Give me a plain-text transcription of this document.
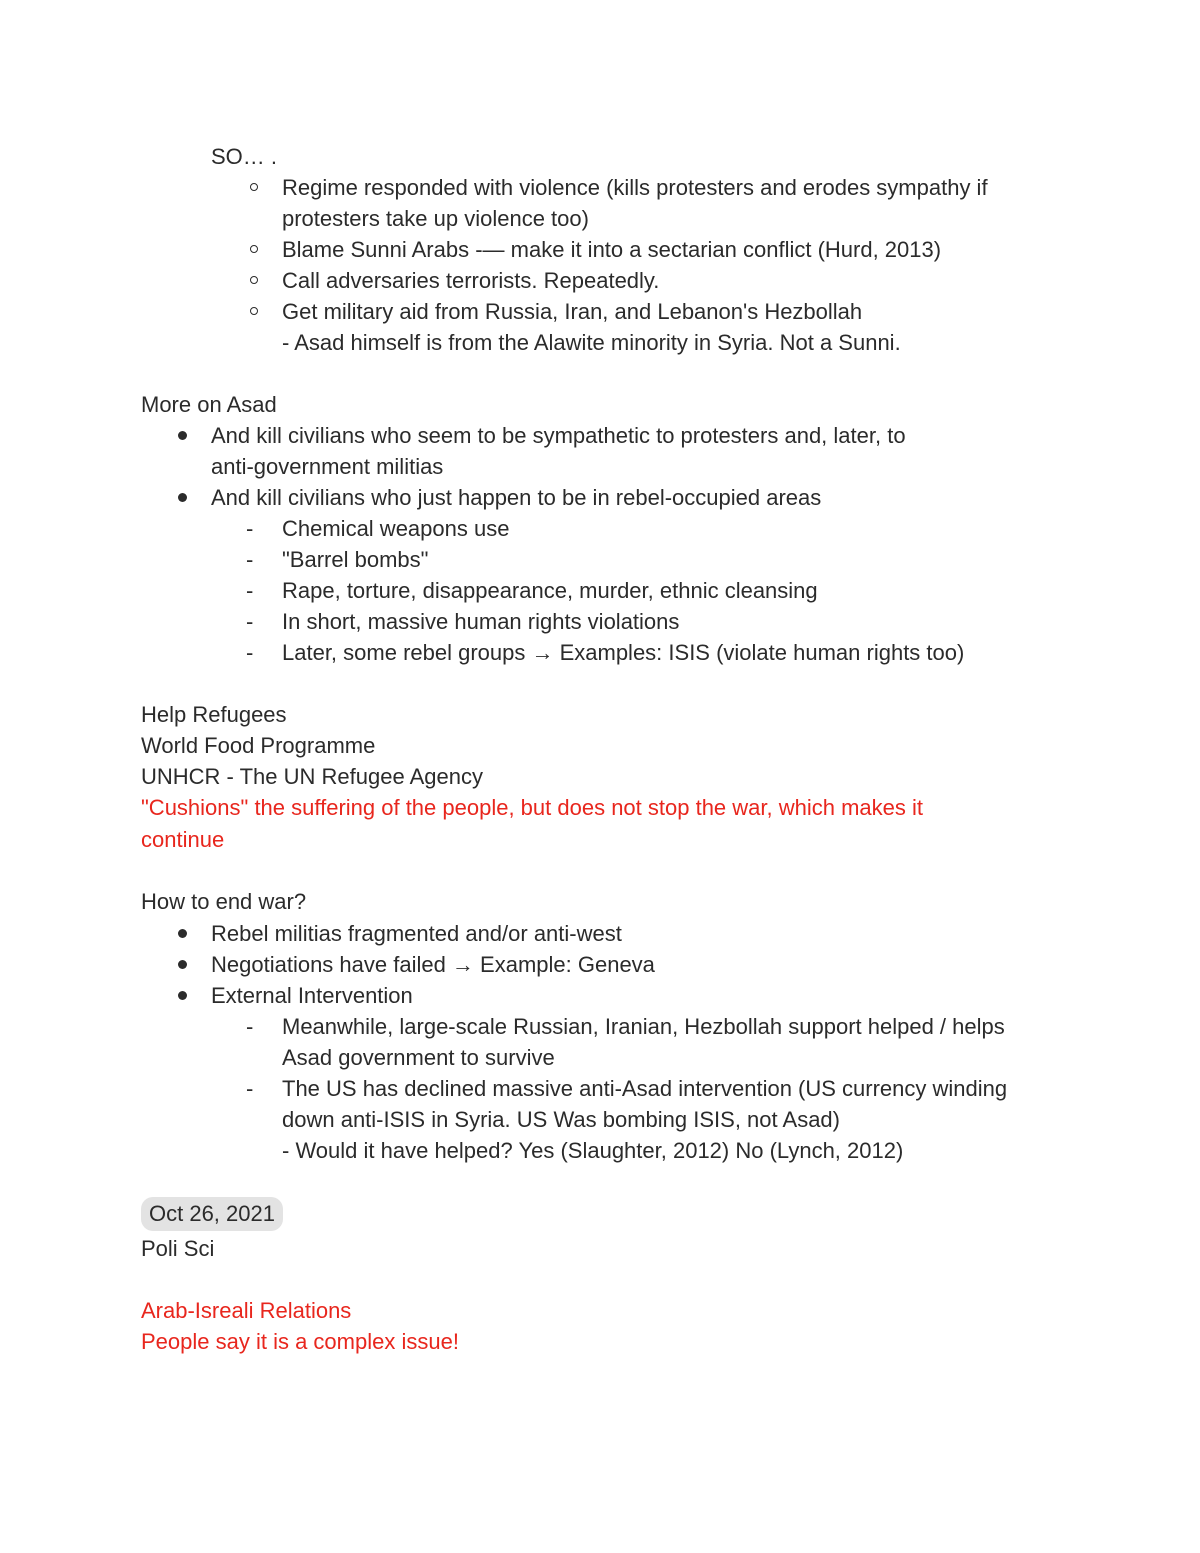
SO… .
Regime responded with violence (kills protesters and erodes sympathy if
protesters take up violence too)
Blame Sunni Arabs -— make it into a sectarian conflict (Hurd, 2013)
Call adversaries terrorists. Repeatedly.
Get military aid from Russia, Iran, and Lebanon's Hezbollah
- Asad himself is from the Alawite minority in Syria. Not a Sunni.
More on Asad
And kill civilians who seem to be sympathetic to protesters and, later, to
anti-government militias
And kill civilians who just happen to be in rebel-occupied areas
- Chemical weapons use
- "Barrel bombs"
- Rape, torture, disappearance, murder, ethnic cleansing
- In short, massive human rights violations
- Later, some rebel groups → Examples: ISIS (violate human rights too)
Help Refugees
World Food Programme
UNHCR - The UN Refugee Agency
"Cushions" the suffering of the people, but does not stop the war, which makes it
continue
How to end war?
Rebel militias fragmented and/or anti-west
Negotiations have failed → Example: Geneva
External Intervention
- Meanwhile, large-scale Russian, Iranian, Hezbollah support helped / helps
Asad government to survive
- The US has declined massive anti-Asad intervention (US currency winding
down anti-ISIS in Syria. US Was bombing ISIS, not Asad)
- Would it have helped? Yes (Slaughter, 2012) No (Lynch, 2012)
Oct 26, 2021
Poli Sci
Arab-Isreali Relations
People say it is a complex issue!
